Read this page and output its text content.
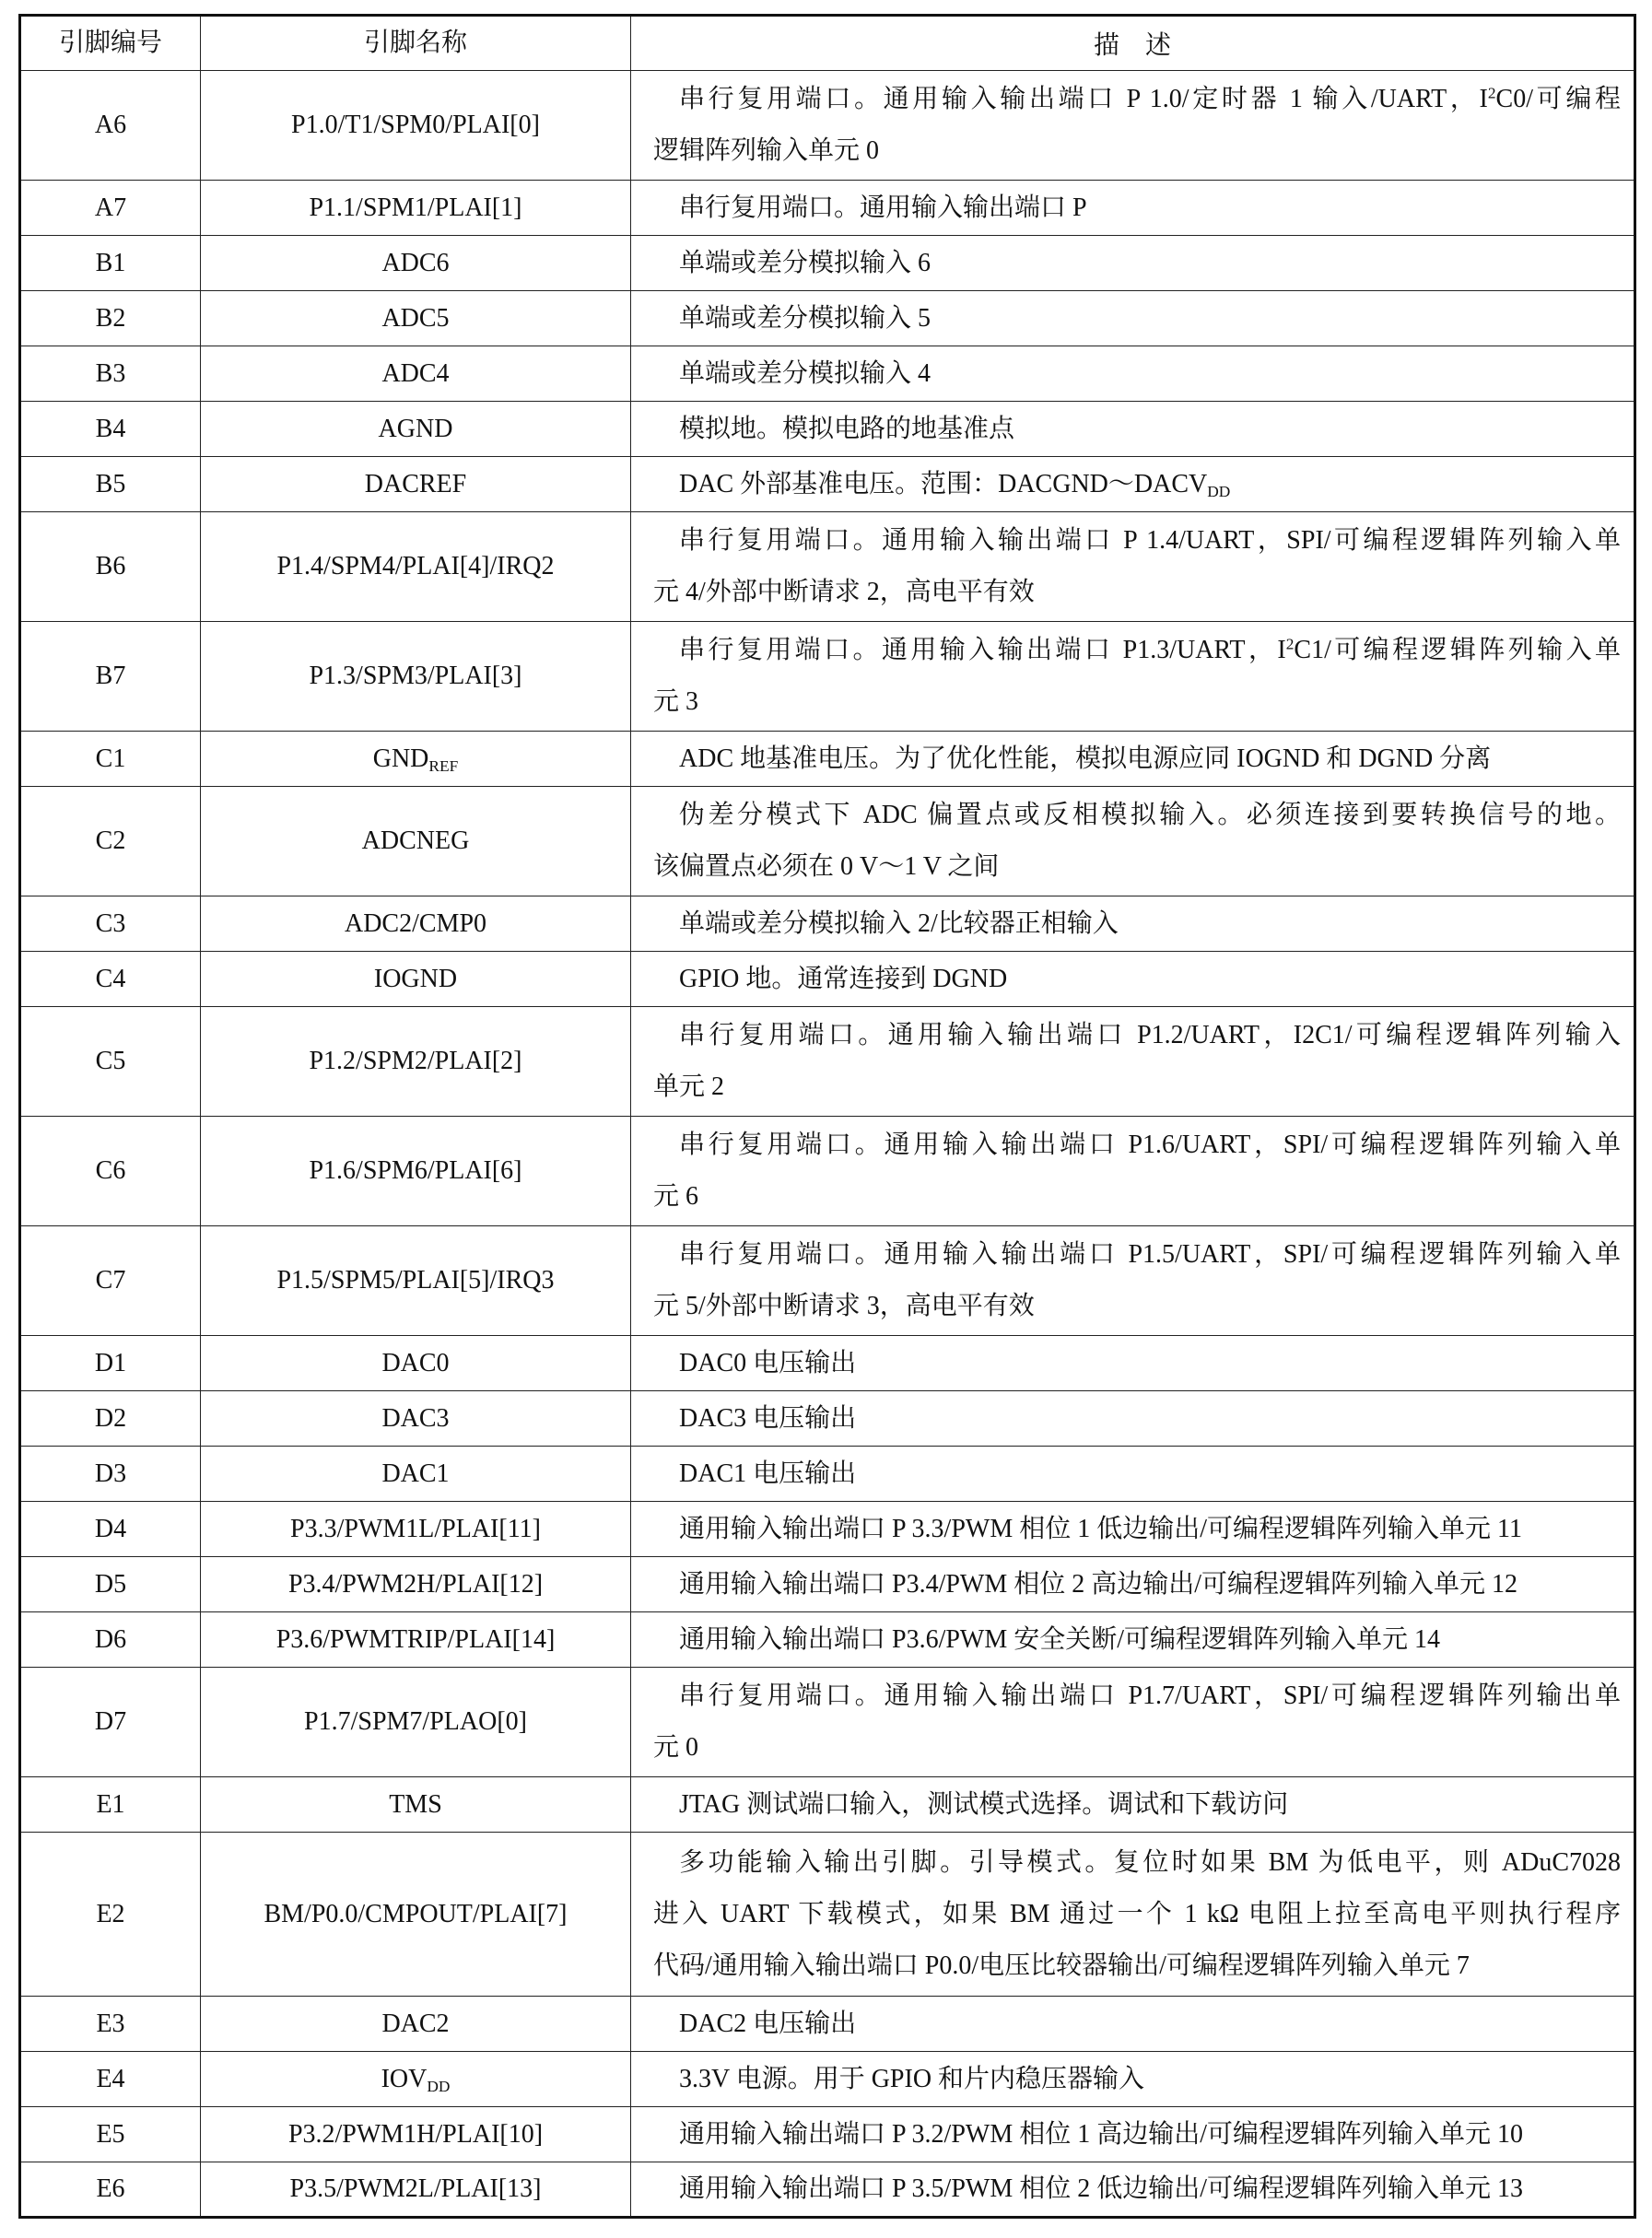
引脚编号	引脚名称	描　述
A6	P1.0/T1/SPM0/PLAI[0]	串行复用端口。通用输入输出端口 P 1.0/定时器 1 输入/UART，$I^2C0/$可编程
逻辑阵列输入单元 0

A7	P1.1/SPM1/PLAI[1]	串行复用端口。通用输入输出端口 P

B1	ADC6	单端或差分模拟输入 6

B2	ADC5	单端或差分模拟输入 5

B3	ADC4	单端或差分模拟输入 4

B4	AGND	模拟地。模拟电路的地基准点

B5	DACREF	DAC 外部基准电压。范围：$DACGND\sim DACV_{DD}$

B6	P1.4/SPM4/PLAI[4]/IRQ2	串行复用端口。通用输入输出端口 P 1.4/UART，SPI/可编程逻辑阵列输入单
元 4/外部中断请求 2，高电平有效

B7	P1.3/SPM3/PLAI[3]	串行复用端口。通用输入输出端口 P1.3/UART，$I^2C1/$可编程逻辑阵列输入单
元 3

C1	$GND_{REF}$	ADC 地基准电压。为了优化性能，模拟电源应同 IOGND 和 DGND 分离

C2	ADCNEG	伪差分模式下 ADC 偏置点或反相模拟输入。必须连接到要转换信号的地。
该偏置点必须在 0 V～1 V 之间

C3	ADC2/CMP0	单端或差分模拟输入 2/比较器正相输入

C4	IOGND	GPIO 地。通常连接到 DGND

C5	P1.2/SPM2/PLAI[2]	串行复用端口。通用输入输出端口 P1.2/UART，I2C1/可编程逻辑阵列输入
单元 2

C6	P1.6/SPM6/PLAI[6]	串行复用端口。通用输入输出端口 P1.6/UART，SPI/可编程逻辑阵列输入单
元 6

C7	P1.5/SPM5/PLAI[5]/IRQ3	串行复用端口。通用输入输出端口 P1.5/UART，SPI/可编程逻辑阵列输入单
元 5/外部中断请求 3，高电平有效

D1	DAC0	DAC0 电压输出

D2	DAC3	DAC3 电压输出

D3	DAC1	DAC1 电压输出

D4	P3.3/PWM1L/PLAI[11]	通用输入输出端口 P 3.3/PWM 相位 1 低边输出/可编程逻辑阵列输入单元 11

D5	P3.4/PWM2H/PLAI[12]	通用输入输出端口 P3.4/PWM 相位 2 高边输出/可编程逻辑阵列输入单元 12

D6	P3.6/PWMTRIP/PLAI[14]	通用输入输出端口 P3.6/PWM 安全关断/可编程逻辑阵列输入单元 14

D7	P1.7/SPM7/PLAO[0]	串行复用端口。通用输入输出端口 P1.7/UART，SPI/可编程逻辑阵列输出单
元 0

E1	TMS	JTAG 测试端口输入，测试模式选择。调试和下载访问

E2	BM/P0.0/CMPOUT/PLAI[7]	多功能输入输出引脚。引导模式。复位时如果 BM 为低电平，则 ADuC7028
进入 UART 下载模式，如果 BM 通过一个 1 kΩ 电阻上拉至高电平则执行程序
代码/通用输入输出端口 P0.0/电压比较器输出/可编程逻辑阵列输入单元 7

E3	DAC2	DAC2 电压输出

E4	$IOV_{DD}$	3.3V 电源。用于 GPIO 和片内稳压器输入

E5	P3.2/PWM1H/PLAI[10]	通用输入输出端口 P 3.2/PWM 相位 1 高边输出/可编程逻辑阵列输入单元 10

E6	P3.5/PWM2L/PLAI[13]	通用输入输出端口 P 3.5/PWM 相位 2 低边输出/可编程逻辑阵列输入单元 13
